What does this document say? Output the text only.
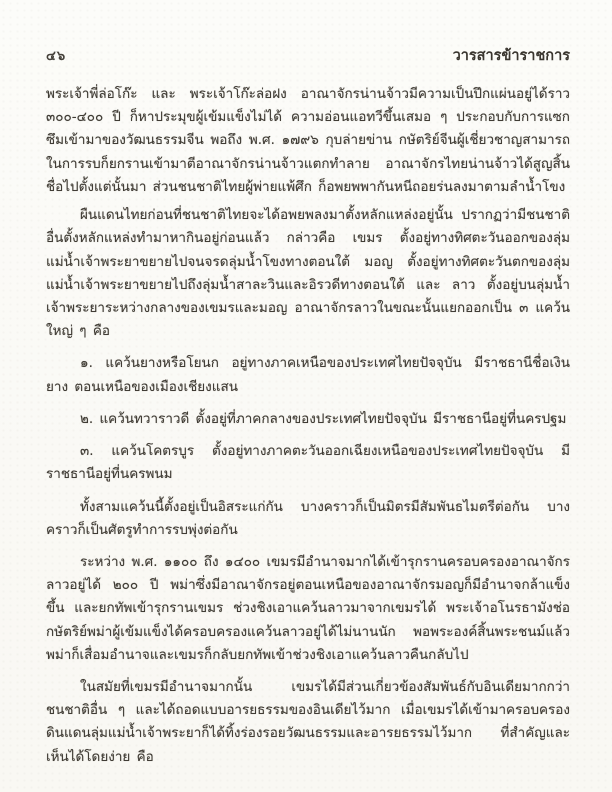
๔๖	วารสารข้าราชการ

พระเจ้าพี่ล่อโก๊ะ และ พระเจ้าโก๊ะล่อฝง อาณาจักรน่านจ้าวมีความเป็นปึกแผ่นอยู่ได้ราว ๓๐๐-๔๐๐ ปี ก็หาประมุขผู้เข้มแข็งไม่ได้ ความอ่อนแอทวีขึ้นเสมอ ๆ ประกอบกับการแซกซึมเข้ามาของวัฒนธรรมจีน พอถึง พ.ศ. ๑๗๙๖ กุบล่ายข่าน กษัตริย์จีนผู้เชี่ยวชาญสามารถในการรบก็ยกรานเข้ามาตีอาณาจักรน่านจ้าวแตกทำลาย อาณาจักรไทยน่านจ้าวได้สูญสิ้นชื่อไปตั้งแต่นั้นมา ส่วนชนชาติไทยผู้พ่ายแพ้ศึก ก็อพยพพากันหนีถอยร่นลงมาตามลำน้ำโขง

ผืนแดนไทยก่อนที่ชนชาติไทยจะได้อพยพลงมาตั้งหลักแหล่งอยู่นั้น ปรากฏว่ามีชนชาติอื่นตั้งหลักแหล่งทำมาหากินอยู่ก่อนแล้ว กล่าวคือ เขมร ตั้งอยู่ทางทิศตะวันออกของลุ่มแม่น้ำเจ้าพระยาขยายไปจนจรดลุ่มน้ำโขงทางตอนใต้ มอญ ตั้งอยู่ทางทิศตะวันตกของลุ่มแม่น้ำเจ้าพระยาขยายไปถึงลุ่มน้ำสาละวินและอิรวดีทางตอนใต้ และ ลาว ตั้งอยู่บนลุ่มน้ำเจ้าพระยาระหว่างกลางของเขมรและมอญ อาณาจักรลาวในขณะนั้นแยกออกเป็น ๓ แคว้นใหญ่ ๆ คือ

๑. แคว้นยางหรือโยนก อยู่ทางภาคเหนือของประเทศไทยปัจจุบัน มีราชธานีชื่อเงินยาง ตอนเหนือของเมืองเชียงแสน

๒. แคว้นทวาราวดี ตั้งอยู่ที่ภาคกลางของประเทศไทยปัจจุบัน มีราชธานีอยู่ที่นครปฐม

๓. แคว้นโคตรบูร ตั้งอยู่ทางภาคตะวันออกเฉียงเหนือของประเทศไทยปัจจุบัน มีราชธานีอยู่ที่นครพนม

ทั้งสามแคว้นนี้ตั้งอยู่เป็นอิสระแก่กัน บางคราวก็เป็นมิตรมีสัมพันธไมตรีต่อกัน บางคราวก็เป็นศัตรูทำการรบพุ่งต่อกัน

ระหว่าง พ.ศ. ๑๑๐๐ ถึง ๑๔๐๐ เขมรมีอำนาจมากได้เข้ารุกรานครอบครองอาณาจักรลาวอยู่ได้ ๒๐๐ ปี พม่าซึ่งมีอาณาจักรอยู่ตอนเหนือของอาณาจักรมอญก็มีอำนาจกล้าแข็งขึ้น และยกทัพเข้ารุกรานเขมร ช่วงชิงเอาแคว้นลาวมาจากเขมรได้ พระเจ้าอโนรธามังช่อ กษัตริย์พม่าผู้เข้มแข็งได้ครอบครองแคว้นลาวอยู่ได้ไม่นานนัก พอพระองค์สิ้นพระชนม์แล้ว พม่าก็เสื่อมอำนาจและเขมรก็กลับยกทัพเข้าช่วงชิงเอาแคว้นลาวคืนกลับไป

ในสมัยที่เขมรมีอำนาจมากนั้น เขมรได้มีส่วนเกี่ยวข้องสัมพันธ์กับอินเดียมากกว่าชนชาติอื่น ๆ และได้ถอดแบบอารยธรรมของอินเดียไว้มาก เมื่อเขมรได้เข้ามาครอบครองดินแดนลุ่มแม่น้ำเจ้าพระยาก็ได้ทิ้งร่องรอยวัฒนธรรมและอารยธรรมไว้มาก ที่สำคัญและเห็นได้โดยง่าย คือ
